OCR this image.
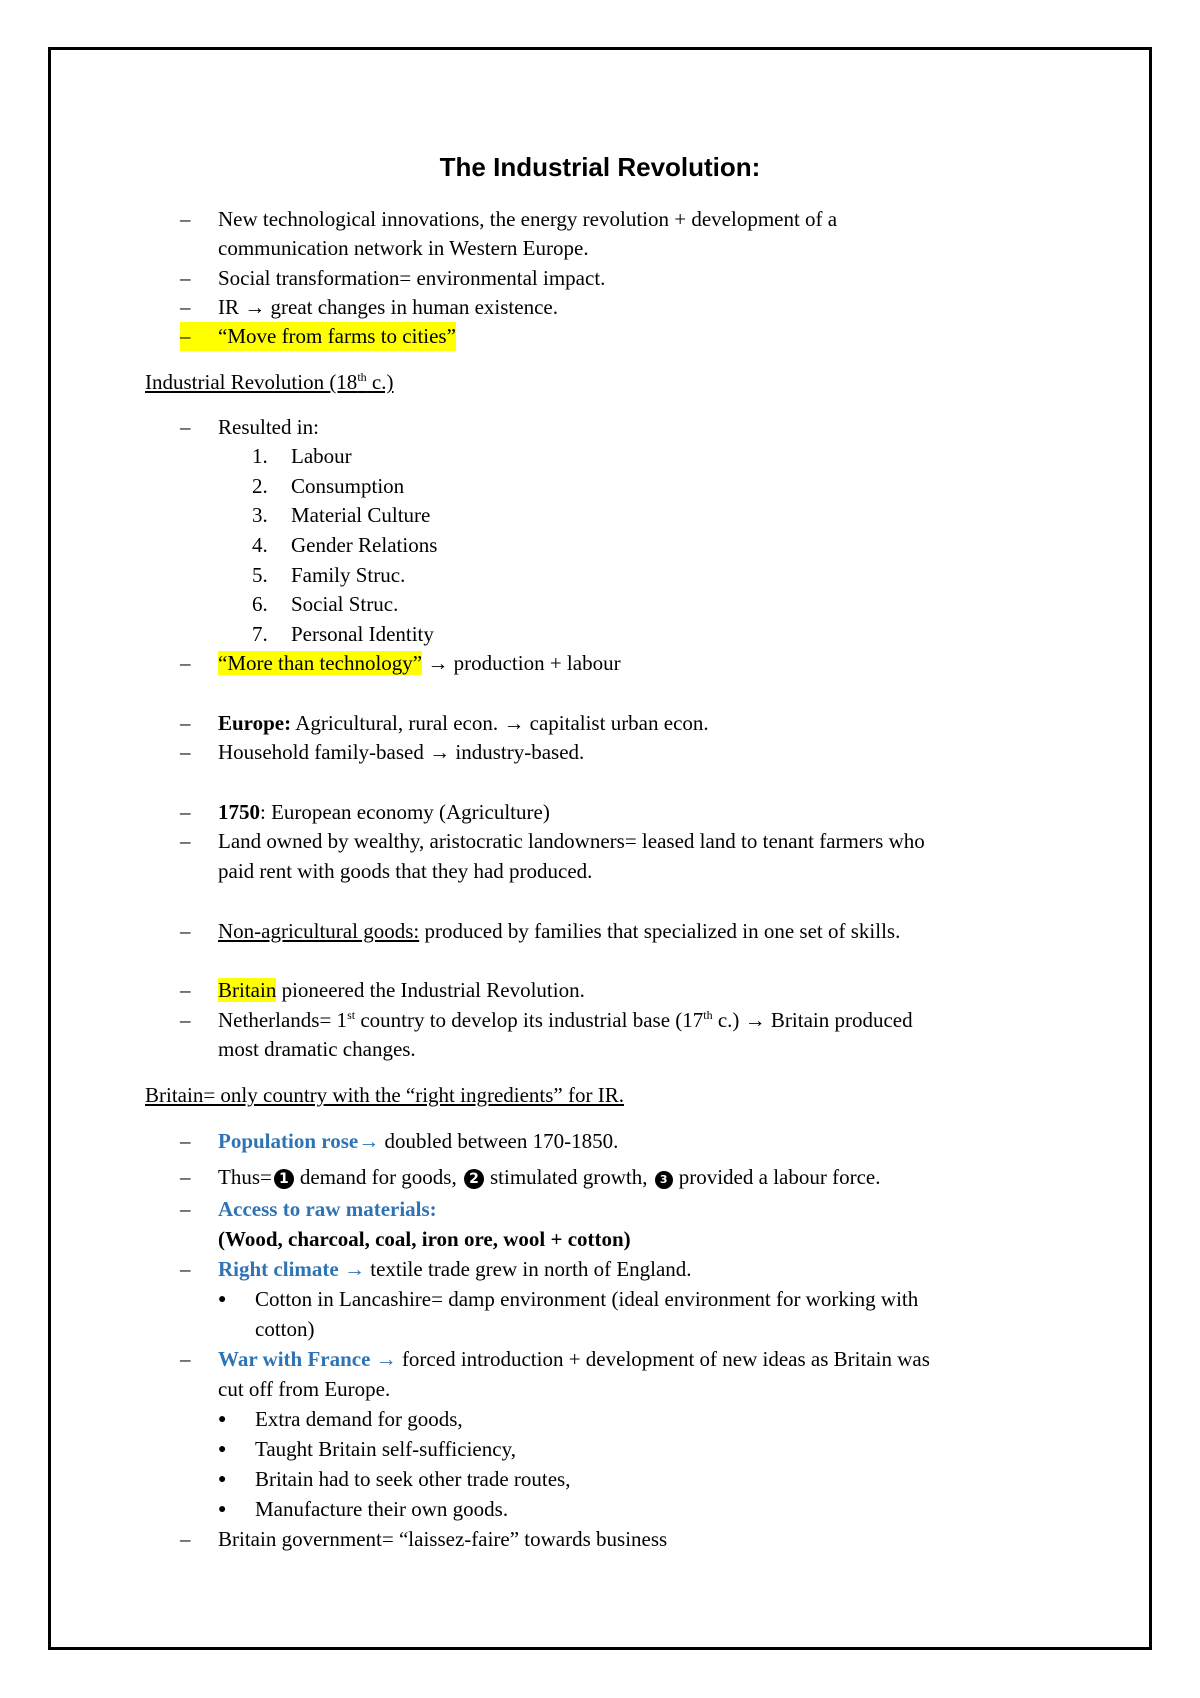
The Industrial Revolution:
– New technological innovations, the energy revolution + development of a
communication network in Western Europe.
– Social transformation= environmental impact.
– IR → great changes in human existence.
–	“Move from farms to cities”
Industrial Revolution (18th c.)
– Resulted in:
1. Labour
2. Consumption
3. Material Culture
4. Gender Relations
5. Family Struc.
6. Social Struc.
7. Personal Identity
– “More than technology” → production + labour
– Europe: Agricultural, rural econ. → capitalist urban econ.
– Household family-based → industry-based.
– 1750: European economy (Agriculture)
– Land owned by wealthy, aristocratic landowners= leased land to tenant farmers who
paid rent with goods that they had produced.
– Non-agricultural goods: produced by families that specialized in one set of skills.
– Britain pioneered the Industrial Revolution.
– Netherlands= 1st country to develop its industrial base (17th c.) → Britain produced
most dramatic changes.
Britain= only country with the “right ingredients” for IR.
– Population rose→ doubled between 170-1850.
– Thus= 1 demand for goods, 2 stimulated growth, 3 provided a labour force.
– Access to raw materials:
(Wood, charcoal, coal, iron ore, wool + cotton)
– Right climate → textile trade grew in north of England.
● Cotton in Lancashire= damp environment (ideal environment for working with
cotton)
– War with France → forced introduction + development of new ideas as Britain was
cut off from Europe.
● Extra demand for goods,
● Taught Britain self-sufficiency,
● Britain had to seek other trade routes,
● Manufacture their own goods.
– Britain government= “laissez-faire” towards business
